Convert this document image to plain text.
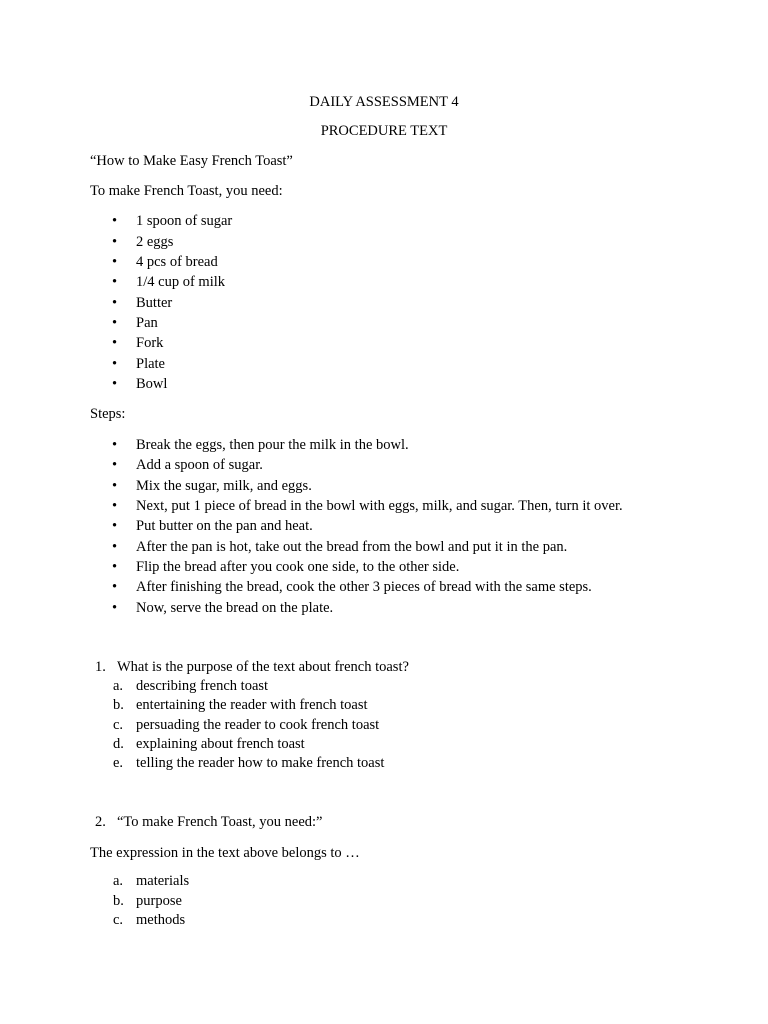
DAILY ASSESSMENT 4
PROCEDURE TEXT
“How to Make Easy French Toast”
To make French Toast, you need:
• 1 spoon of sugar
• 2 eggs
• 4 pcs of bread
• 1/4 cup of milk
• Butter
• Pan
• Fork
• Plate
• Bowl
Steps:
• Break the eggs, then pour the milk in the bowl.
• Add a spoon of sugar.
• Mix the sugar, milk, and eggs.
• Next, put 1 piece of bread in the bowl with eggs, milk, and sugar. Then, turn it over.
• Put butter on the pan and heat.
• After the pan is hot, take out the bread from the bowl and put it in the pan.
• Flip the bread after you cook one side, to the other side.
• After finishing the bread, cook the other 3 pieces of bread with the same steps.
• Now, serve the bread on the plate.
1. What is the purpose of the text about french toast?
a. describing french toast
b. entertaining the reader with french toast
c. persuading the reader to cook french toast
d. explaining about french toast
e. telling the reader how to make french toast
2. “To make French Toast, you need:”
The expression in the text above belongs to …
a. materials
b. purpose
c. methods
